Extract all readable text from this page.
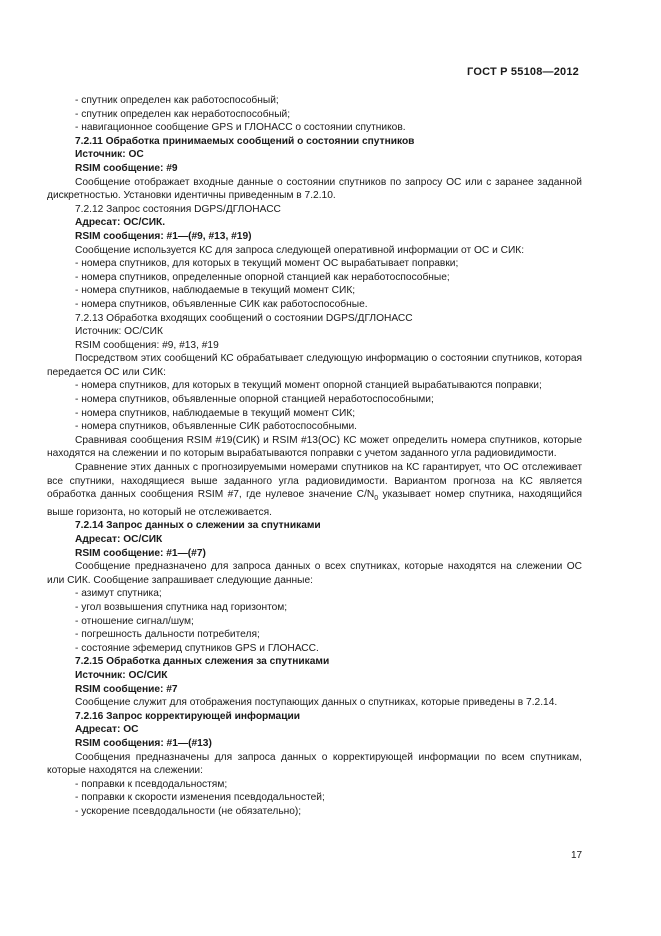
ГОСТ Р 55108—2012

- спутник определен как работоспособный;

- спутник определен как неработоспособный;

- навигационное сообщение GPS и ГЛОНАСС о состоянии спутников.

7.2.11 Обработка принимаемых сообщений о состоянии спутников

Источник: ОС

RSIM сообщение: #9

Сообщение отображает входные данные о состоянии спутников по запросу ОС или с заранее заданной дискретностью. Установки идентичны приведенным в 7.2.10.

7.2.12 Запрос состояния DGPS/ДГЛОНАСС

Адресат: ОС/СИК.

RSIM сообщения: #1—(#9, #13, #19)

Сообщение используется КС для запроса следующей оперативной информации от ОС и СИК:

- номера спутников, для которых в текущий момент ОС вырабатывает поправки;

- номера спутников, определенные опорной станцией как неработоспособные;

- номера спутников, наблюдаемые в текущий момент СИК;

- номера спутников, объявленные СИК как работоспособные.

7.2.13 Обработка входящих сообщений о состоянии DGPS/ДГЛОНАСС

Источник: ОС/СИК

RSIM сообщения: #9, #13, #19

Посредством этих сообщений КС обрабатывает следующую информацию о состоянии спутников, которая передается ОС или СИК:

- номера спутников, для которых в текущий момент опорной станцией вырабатываются поправки;

- номера спутников, объявленные опорной станцией неработоспособными;

- номера спутников, наблюдаемые в текущий момент СИК;

- номера спутников, объявленные СИК работоспособными.

Сравнивая сообщения RSIM #19(СИК) и RSIM #13(ОС) КС может определить номера спутников, которые находятся на слежении и по которым вырабатываются поправки с учетом заданного угла радиовидимости.

Сравнение этих данных с прогнозируемыми номерами спутников на КС гарантирует, что ОС отслеживает все спутники, находящиеся выше заданного угла радиовидимости. Вариантом прогноза на КС является обработка данных сообщения RSIM #7, где нулевое значение $C/N_0$ указывает номер спутника, находящийся выше горизонта, но который не отслеживается.

7.2.14 Запрос данных о слежении за спутниками

Адресат: ОС/СИК

RSIM сообщение: #1—(#7)

Сообщение предназначено для запроса данных о всех спутниках, которые находятся на слежении ОС или СИК. Сообщение запрашивает следующие данные:

- азимут спутника;

- угол возвышения спутника над горизонтом;

- отношение сигнал/шум;

- погрешность дальности потребителя;

- состояние эфемерид спутников GPS и ГЛОНАСС.

7.2.15 Обработка данных слежения за спутниками

Источник: ОС/СИК

RSIM сообщение: #7

Сообщение служит для отображения поступающих данных о спутниках, которые приведены в 7.2.14.

7.2.16 Запрос корректирующей информации

Адресат: ОС

RSIM сообщения: #1—(#13)

Сообщения предназначены для запроса данных о корректирующей информации по всем спутникам, которые находятся на слежении:

- поправки к псевдодальностям;

- поправки к скорости изменения псевдодальностей;

- ускорение псевдодальности (не обязательно);

17
